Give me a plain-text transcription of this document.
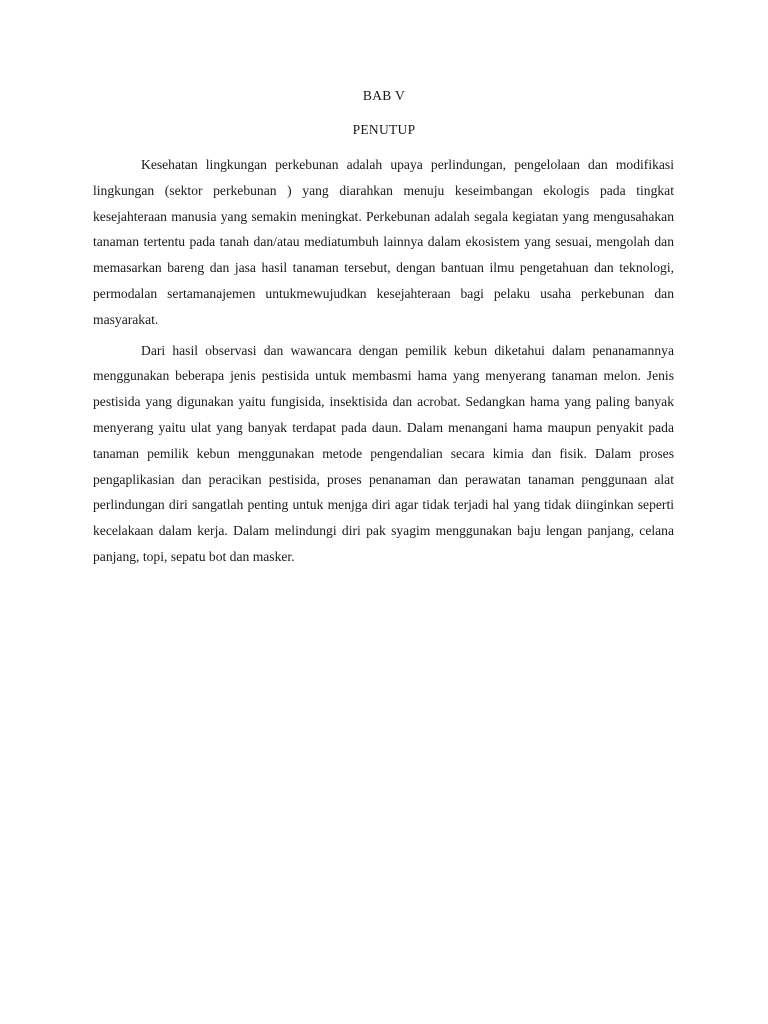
BAB V
PENUTUP

Kesehatan lingkungan perkebunan adalah upaya perlindungan, pengelolaan dan modifikasi lingkungan (sektor perkebunan ) yang diarahkan menuju keseimbangan ekologis pada tingkat kesejahteraan manusia yang semakin meningkat. Perkebunan adalah segala kegiatan yang mengusahakan tanaman tertentu pada tanah dan/atau mediatumbuh lainnya dalam ekosistem yang sesuai, mengolah dan memasarkan bareng dan jasa hasil tanaman tersebut, dengan bantuan ilmu pengetahuan dan teknologi, permodalan sertamanajemen untukmewujudkan kesejahteraan bagi pelaku usaha perkebunan dan masyarakat.

Dari hasil observasi dan wawancara dengan pemilik kebun diketahui dalam penanamannya menggunakan beberapa jenis pestisida untuk membasmi hama yang menyerang tanaman melon. Jenis pestisida yang digunakan yaitu fungisida, insektisida dan acrobat. Sedangkan hama yang paling banyak menyerang yaitu ulat yang banyak terdapat pada daun. Dalam menangani hama maupun penyakit pada tanaman pemilik kebun menggunakan metode pengendalian secara kimia dan fisik. Dalam proses pengaplikasian dan peracikan pestisida, proses penanaman dan perawatan tanaman penggunaan alat perlindungan diri sangatlah penting untuk menjga diri agar tidak terjadi hal yang tidak diinginkan seperti kecelakaan dalam kerja. Dalam melindungi diri pak syagim menggunakan baju lengan panjang, celana panjang, topi, sepatu bot dan masker.
